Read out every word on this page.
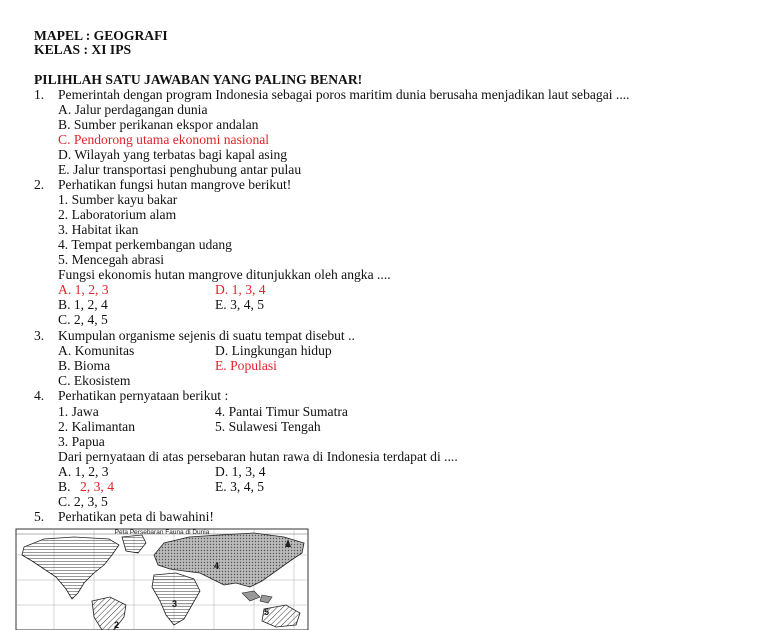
MAPEL : GEOGRAFI
KELAS : XI IPS
PILIHLAH SATU JAWABAN YANG PALING BENAR!
1. Pemerintah dengan program Indonesia sebagai poros maritim dunia berusaha menjadikan laut sebagai ....
A. Jalur perdagangan dunia
B. Sumber perikanan ekspor andalan
C. Pendorong utama ekonomi nasional
D. Wilayah yang terbatas bagi kapal asing
E. Jalur transportasi penghubung antar pulau
2. Perhatikan fungsi hutan mangrove berikut!
1. Sumber kayu bakar
2. Laboratorium alam
3. Habitat ikan
4. Tempat perkembangan udang
5. Mencegah abrasi
Fungsi ekonomis hutan mangrove ditunjukkan oleh angka ....
A. 1, 2, 3	D. 1, 3, 4
B. 1, 2, 4	E. 3, 4, 5
C. 2, 4, 5
3. Kumpulan organisme sejenis di suatu tempat disebut ..
A. Komunitas	D. Lingkungan hidup
B. Bioma	E. Populasi
C. Ekosistem
4. Perhatikan pernyataan berikut :
1. Jawa	4. Pantai Timur Sumatra
2. Kalimantan	5. Sulawesi Tengah
3. Papua
Dari pernyataan di atas persebaran hutan rawa di Indonesia terdapat di ....
A. 1, 2, 3	D. 1, 3, 4
B. 2, 3, 4	E. 3, 4, 5
C. 2, 3, 5
5. Perhatikan peta di bawahini!
Peta Persebaran Fauna di Dunia
4
3
5
2
